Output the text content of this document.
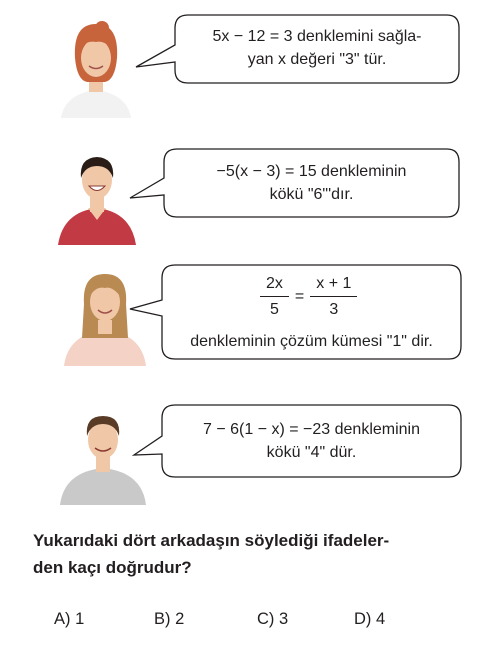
5x − 12 = 3 denklemini sağla-
yan x değeri "3" tür.
−5(x − 3) = 15 denkleminin
kökü "6"'dır.
$\frac{2x}{5} = \frac{x + 1}{3}$
denkleminin çözüm kümesi "1" dir.
7 − 6(1 − x) = −23 denkleminin
kökü "4" dür.
Yukarıdaki dört arkadaşın söylediği ifadeler-
den kaçı doğrudur?
A) 1	B) 2	C) 3	D) 4
